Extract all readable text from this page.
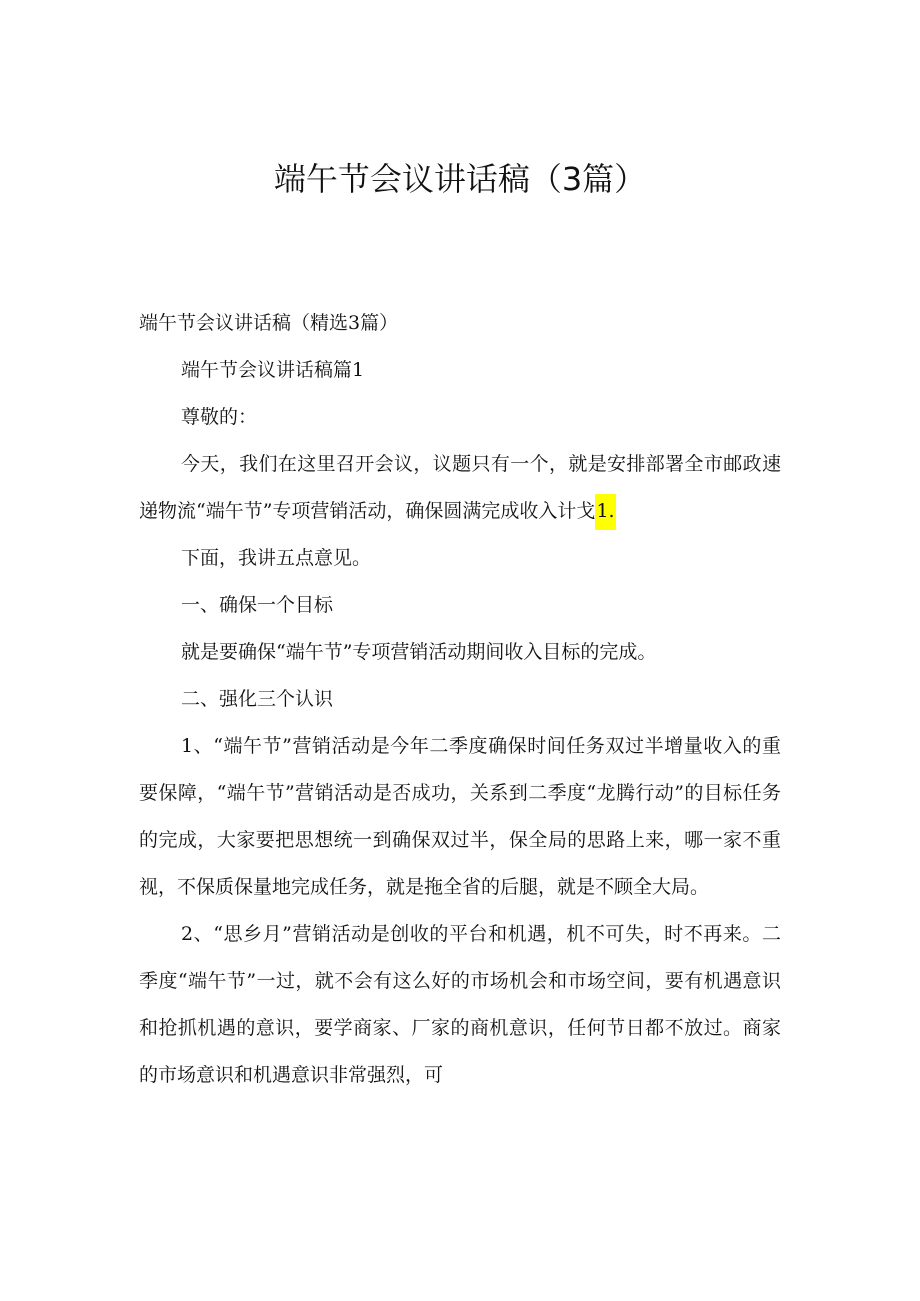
端午节会议讲话稿（3篇）

端午节会议讲话稿（精选3篇）

端午节会议讲话稿篇1

尊敬的：

今天，我们在这里召开会议，议题只有一个，就是安排部署全市邮政速递物流“端午节”专项营销活动，确保圆满完成收入计戈1.

下面，我讲五点意见。

一、确保一个目标

就是要确保“端午节”专项营销活动期间收入目标的完成。

二、强化三个认识

1、“端午节”营销活动是今年二季度确保时间任务双过半增量收入的重要保障，“端午节”营销活动是否成功，关系到二季度“龙腾行动”的目标任务的完成，大家要把思想统一到确保双过半，保全局的思路上来，哪一家不重视，不保质保量地完成任务，就是拖全省的后腿，就是不顾全大局。

2、“思乡月”营销活动是创收的平台和机遇，机不可失，时不再来。二季度“端午节”一过，就不会有这么好的市场机会和市场空间，要有机遇意识和抢抓机遇的意识，要学商家、厂家的商机意识，任何节日都不放过。商家的市场意识和机遇意识非常强烈，可
